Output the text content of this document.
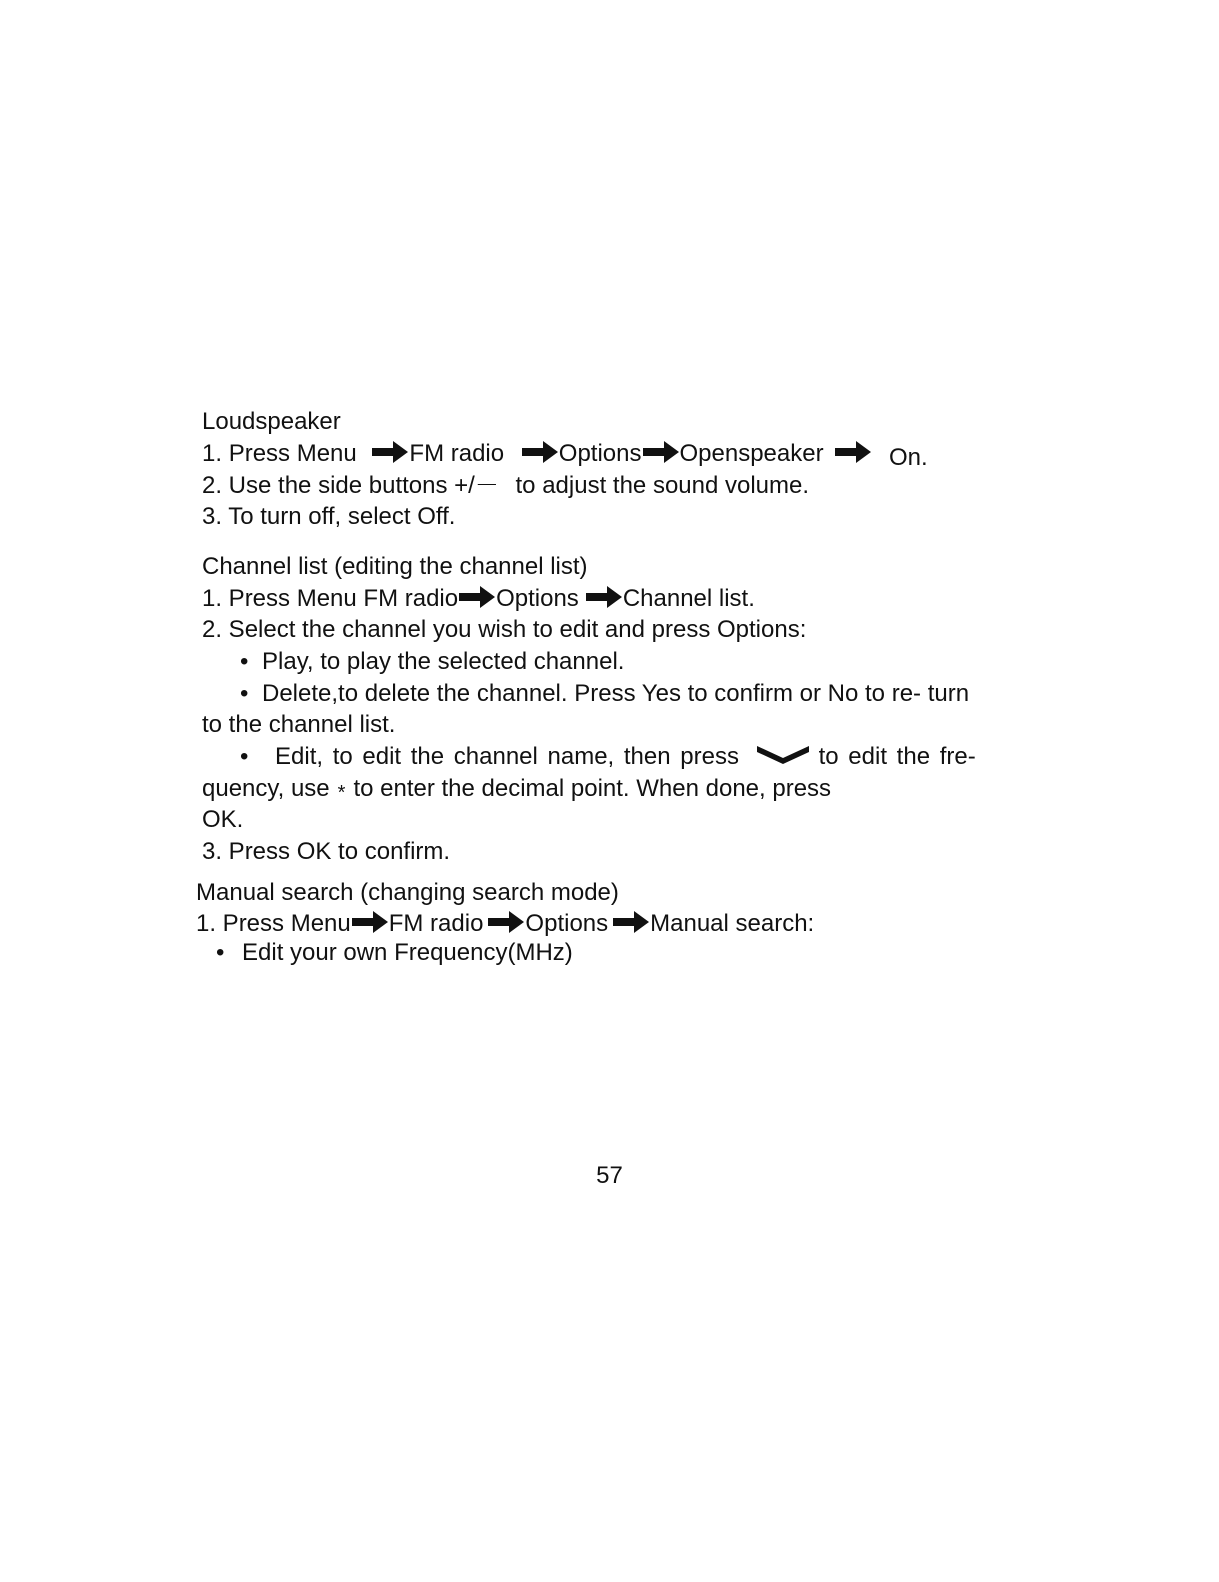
Loudspeaker
1. Press Menu FM radio Options Openspeaker	On.
2. Use the side buttons +/－ to adjust the sound volume.
3. To turn off, select Off.
Channel list (editing the channel list)
1. Press Menu FM radio Options Channel list.
2. Select the channel you wish to edit and press Options:
• Play, to play the selected channel.
• Delete,to delete the channel. Press Yes to confirm or No to re- turn
to the channel list.
• Edit, to edit the channel name, then press	to edit the fre-
quency, use * to enter the decimal point. When done, press
OK.
3. Press OK to confirm.
Manual search (changing search mode)
1. Press Menu FM radio Options Manual search:
• Edit your own Frequency(MHz)
57
